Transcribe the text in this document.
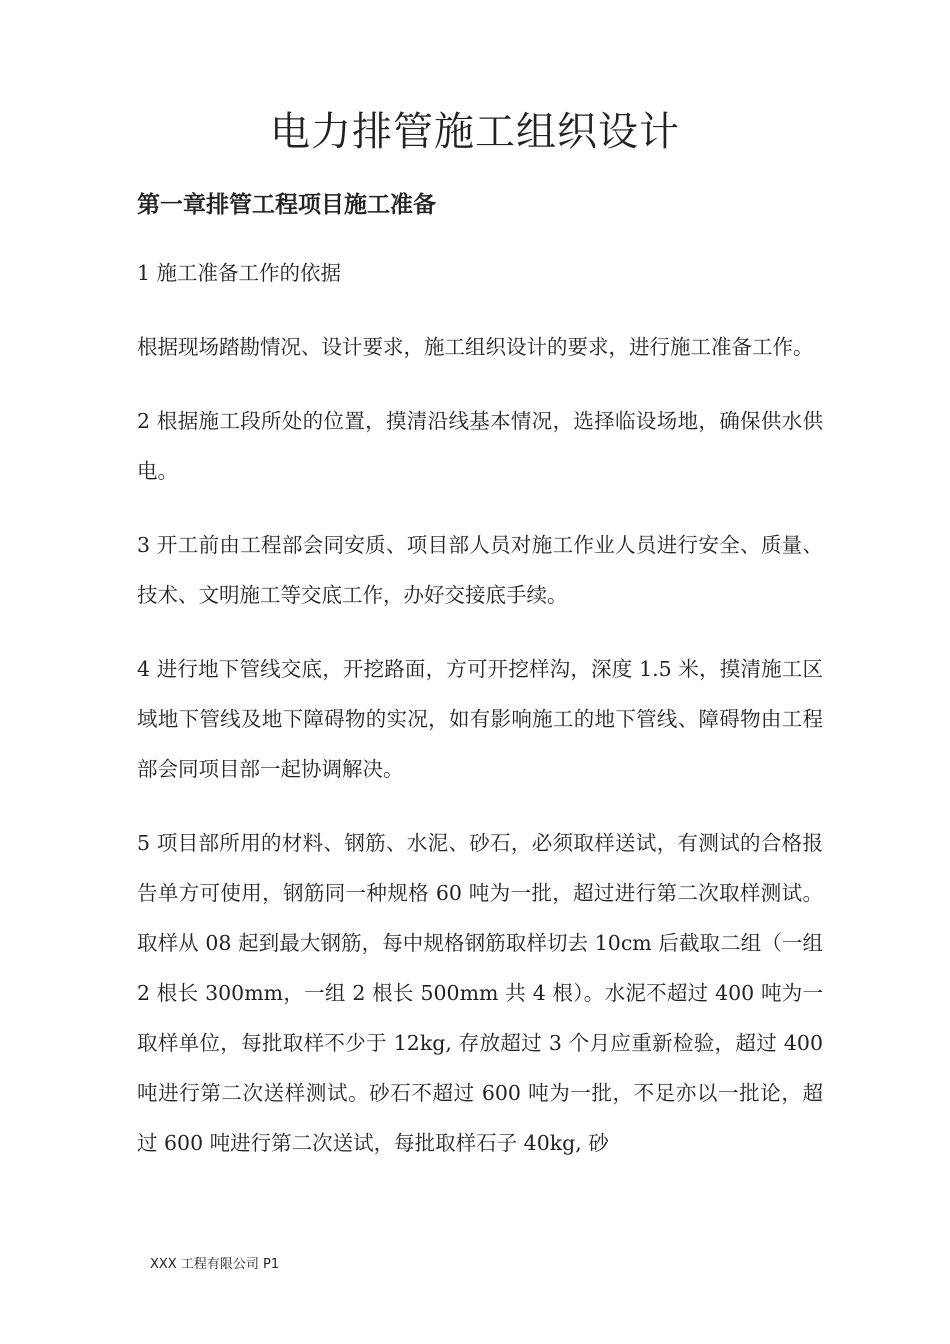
电力排管施工组织设计
第一章排管工程项目施工准备

1 施工准备工作的依据

根据现场踏勘情况、设计要求，施工组织设计的要求，进行施工准备工作。

2 根据施工段所处的位置，摸清沿线基本情况，选择临设场地，确保供水供电。

3 开工前由工程部会同安质、项目部人员对施工作业人员进行安全、质量、技术、文明施工等交底工作，办好交接底手续。

4 进行地下管线交底，开挖路面，方可开挖样沟，深度 1.5 米，摸清施工区域地下管线及地下障碍物的实况，如有影响施工的地下管线、障碍物由工程部会同项目部一起协调解决。

5 项目部所用的材料、钢筋、水泥、砂石，必须取样送试，有测试的合格报告单方可使用，钢筋同一种规格 60 吨为一批，超过进行第二次取样测试。取样从 08 起到最大钢筋，每中规格钢筋取样切去 10cm 后截取二组（一组 2 根长 300mm，一组 2 根长 500mm 共 4 根）。水泥不超过 400 吨为一取样单位，每批取样不少于 12kg, 存放超过 3 个月应重新检验，超过 400 吨进行第二次送样测试。砂石不超过 600 吨为一批，不足亦以一批论，超过 600 吨进行第二次送试，每批取样石子 40kg, 砂

XXX 工程有限公司 P1
